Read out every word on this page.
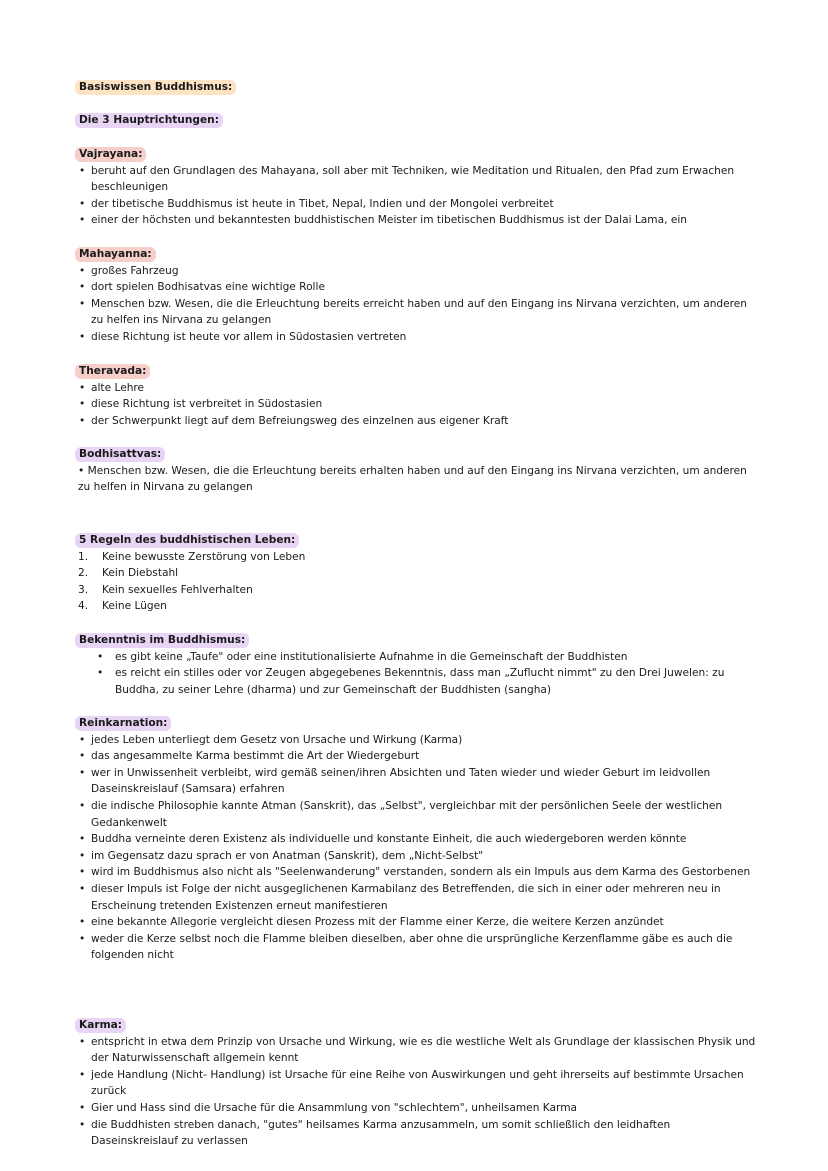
Basiswissen Buddhismus:
Die 3 Hauptrichtungen:
Vajrayana:
• beruht auf den Grundlagen des Mahayana, soll aber mit Techniken, wie Meditation und Ritualen, den Pfad zum Erwachen beschleunigen
• der tibetische Buddhismus ist heute in Tibet, Nepal, Indien und der Mongolei verbreitet
• einer der höchsten und bekanntesten buddhistischen Meister im tibetischen Buddhismus ist der Dalai Lama, ein
Mahayanna:
• großes Fahrzeug
• dort spielen Bodhisatvas eine wichtige Rolle
• Menschen bzw. Wesen, die die Erleuchtung bereits erreicht haben und auf den Eingang ins Nirvana verzichten, um anderen zu helfen ins Nirvana zu gelangen
• diese Richtung ist heute vor allem in Südostasien vertreten
Theravada:
• alte Lehre
• diese Richtung ist verbreitet in Südostasien
• der Schwerpunkt liegt auf dem Befreiungsweg des einzelnen aus eigener Kraft
Bodhisattvas:

• Menschen bzw. Wesen, die die Erleuchtung bereits erhalten haben und auf den Eingang ins Nirvana verzichten, um anderen zu helfen in Nirvana zu gelangen

5 Regeln des buddhistischen Leben:
1. Keine bewusste Zerstörung von Leben
2. Kein Diebstahl
3. Kein sexuelles Fehlverhalten
4. Keine Lügen
Bekenntnis im Buddhismus:
• es gibt keine „Taufe" oder eine institutionalisierte Aufnahme in die Gemeinschaft der Buddhisten
• es reicht ein stilles oder vor Zeugen abgegebenes Bekenntnis, dass man „Zuflucht nimmt" zu den Drei Juwelen: zu Buddha, zu seiner Lehre (dharma) und zur Gemeinschaft der Buddhisten (sangha)
Reinkarnation:
• jedes Leben unterliegt dem Gesetz von Ursache und Wirkung (Karma)
• das angesammelte Karma bestimmt die Art der Wiedergeburt
• wer in Unwissenheit verbleibt, wird gemäß seinen/ihren Absichten und Taten wieder und wieder Geburt im leidvollen Daseinskreislauf (Samsara) erfahren
• die indische Philosophie kannte Atman (Sanskrit), das „Selbst", vergleichbar mit der persönlichen Seele der westlichen Gedankenwelt
• Buddha verneinte deren Existenz als individuelle und konstante Einheit, die auch wiedergeboren werden könnte
• im Gegensatz dazu sprach er von Anatman (Sanskrit), dem „Nicht-Selbst"
• wird im Buddhismus also nicht als "Seelenwanderung" verstanden, sondern als ein Impuls aus dem Karma des Gestorbenen
• dieser Impuls ist Folge der nicht ausgeglichenen Karmabilanz des Betreffenden, die sich in einer oder mehreren neu in Erscheinung tretenden Existenzen erneut manifestieren
• eine bekannte Allegorie vergleicht diesen Prozess mit der Flamme einer Kerze, die weitere Kerzen anzündet
• weder die Kerze selbst noch die Flamme bleiben dieselben, aber ohne die ursprüngliche Kerzenflamme gäbe es auch die folgenden nicht
Karma:
• entspricht in etwa dem Prinzip von Ursache und Wirkung, wie es die westliche Welt als Grundlage der klassischen Physik und der Naturwissenschaft allgemein kennt
• jede Handlung (Nicht- Handlung) ist Ursache für eine Reihe von Auswirkungen und geht ihrerseits auf bestimmte Ursachen zurück
• Gier und Hass sind die Ursache für die Ansammlung von "schlechtem", unheilsamen Karma
• die Buddhisten streben danach, "gutes" heilsames Karma anzusammeln, um somit schließlich den leidhaften Daseinskreislauf zu verlassen
